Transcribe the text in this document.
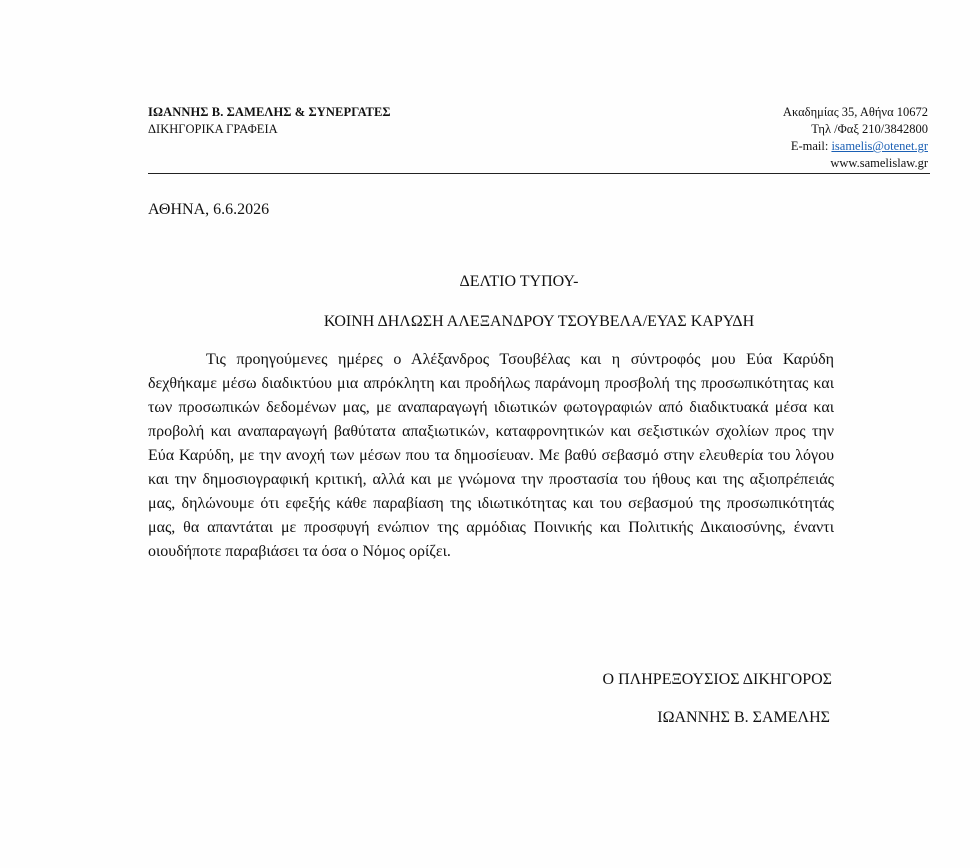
ΙΩΑΝΝΗΣ Β. ΣΑΜΕΛΗΣ & ΣΥΝΕΡΓΑΤΕΣ
ΔΙΚΗΓΟΡΙΚΑ ΓΡΑΦΕΙΑ
Ακαδημίας 35, Αθήνα 10672
Τηλ /Φαξ 210/3842800
E-mail: isamelis@otenet.gr
www.samelislaw.gr
ΑΘΗΝΑ, 6.6.2026
ΔΕΛΤΙΟ ΤΥΠΟΥ-
ΚΟΙΝΗ ΔΗΛΩΣΗ ΑΛΕΞΑΝΔΡΟΥ ΤΣΟΥΒΕΛΑ/ΕΥΑΣ ΚΑΡΥΔΗ

Τις προηγούμενες ημέρες ο Αλέξανδρος Τσουβέλας και η σύντροφός μου Εύα Καρύδη δεχθήκαμε μέσω διαδικτύου μια απρόκλητη και προδήλως παράνομη προσβολή της προσωπικότητας και των προσωπικών δεδομένων μας, με αναπαραγωγή ιδιωτικών φωτογραφιών από διαδικτυακά μέσα και προβολή και αναπαραγωγή βαθύτατα απαξιωτικών, καταφρονητικών και σεξιστικών σχολίων προς την Εύα Καρύδη, με την ανοχή των μέσων που τα δημοσίευαν. Με βαθύ σεβασμό στην ελευθερία του λόγου και την δημοσιογραφική κριτική, αλλά και με γνώμονα την προστασία του ήθους και της αξιοπρέπειάς μας, δηλώνουμε ότι εφεξής κάθε παραβίαση της ιδιωτικότητας και του σεβασμού της προσωπικότητάς μας, θα απαντάται με προσφυγή ενώπιον της αρμόδιας Ποινικής και Πολιτικής Δικαιοσύνης, έναντι οιουδήποτε παραβιάσει τα όσα ο Νόμος ορίζει.

Ο ΠΛΗΡΕΞΟΥΣΙΟΣ ΔΙΚΗΓΟΡΟΣ
ΙΩΑΝΝΗΣ Β. ΣΑΜΕΛΗΣ
